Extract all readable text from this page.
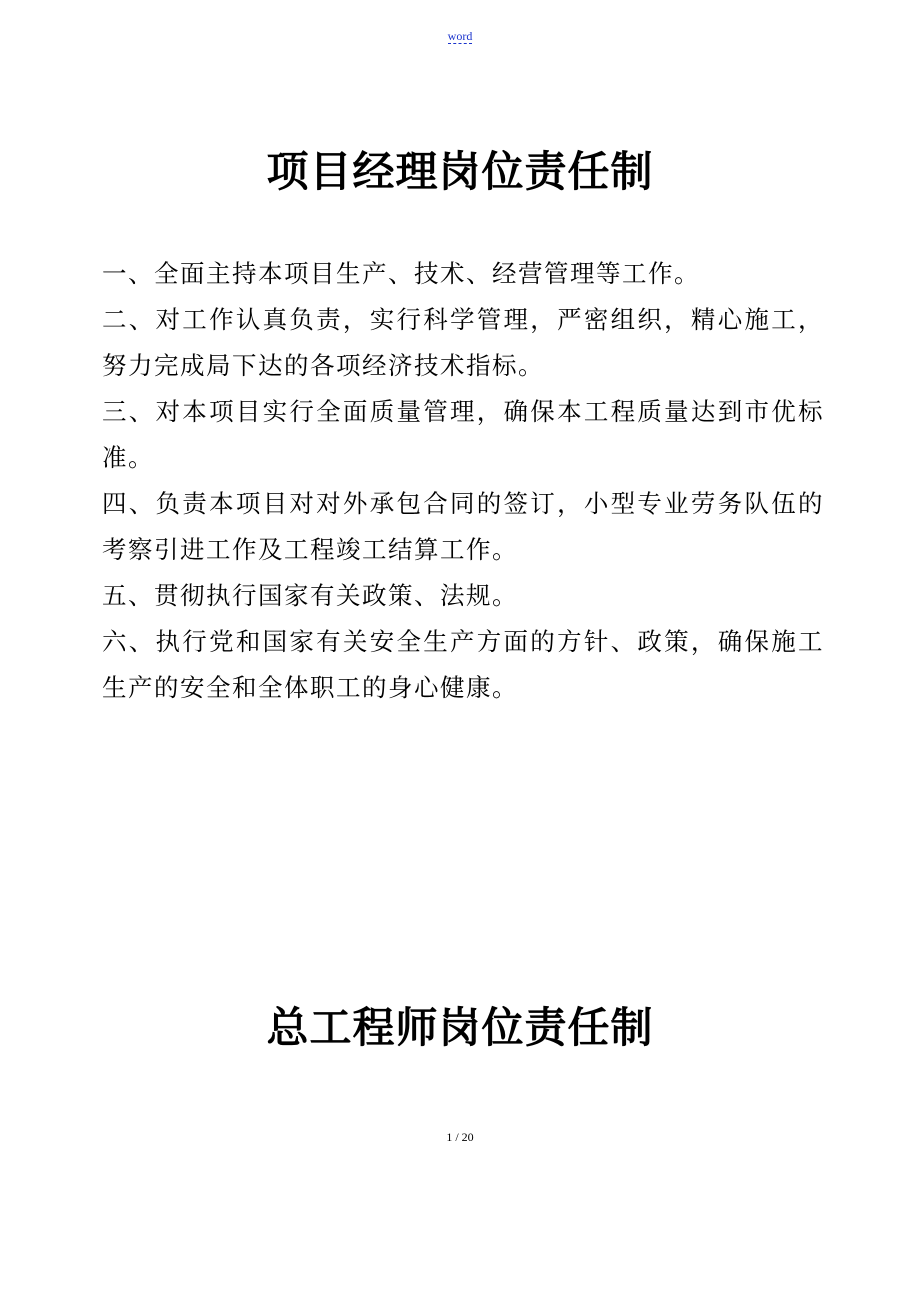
word
项目经理岗位责任制
一、全面主持本项目生产、技术、经营管理等工作。
二、对工作认真负责，实行科学管理，严密组织，精心施工，努力完成局下达的各项经济技术指标。
三、对本项目实行全面质量管理，确保本工程质量达到市优标准。
四、负责本项目对对外承包合同的签订，小型专业劳务队伍的考察引进工作及工程竣工结算工作。
五、贯彻执行国家有关政策、法规。
六、执行党和国家有关安全生产方面的方针、政策，确保施工生产的安全和全体职工的身心健康。
总工程师岗位责任制
1 / 20
